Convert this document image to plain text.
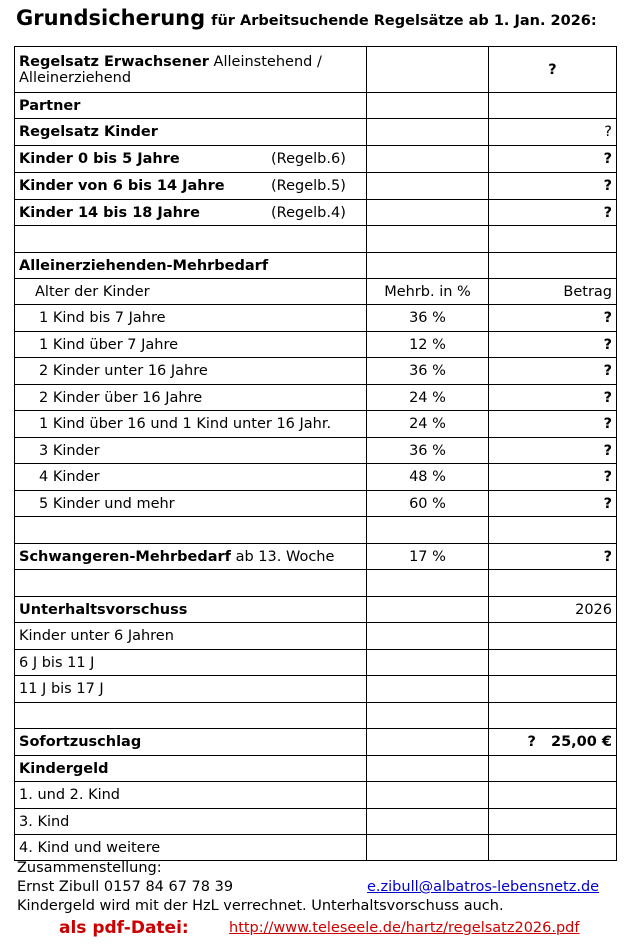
Grundsicherung für Arbeitsuchende Regelsätze ab 1. Jan. 2026:
Regelsatz Erwachsener Alleinstehend / Alleinerziehend		?
Partner		
Regelsatz Kinder		?
Kinder 0 bis 5 Jahre (Regelb.6)		?
Kinder von 6 bis 14 Jahre (Regelb.5)		?
Kinder 14 bis 18 Jahre (Regelb.4)		?

Alleinerziehenden-Mehrbedarf		
Alter der Kinder	Mehrb. in %	Betrag
1 Kind bis 7 Jahre	36 %	?
1 Kind über 7 Jahre	12 %	?
2 Kinder unter 16 Jahre	36 %	?
2 Kinder über 16 Jahre	24 %	?
1 Kind über 16 und 1 Kind unter 16 Jahr.	24 %	?
3 Kinder	36 %	?
4 Kinder	48 %	?
5 Kinder und mehr	60 %	?

Schwangeren-Mehrbedarf ab 13. Woche	17 %	?

Unterhaltsvorschuss		2026
Kinder unter 6 Jahren		
6 J bis 11 J		
11 J bis 17 J		

Sofortzuschlag		?   25,00 €
Kindergeld		
1. und 2. Kind		
3. Kind		
4. Kind und weitere		
Zusammenstellung:
Ernst Zibull 0157 84 67 78 39	e.zibull@albatros-lebensnetz.de
Kindergeld wird mit der HzL verrechnet. Unterhaltsvorschuss auch.
als pdf-Datei:	http://www.teleseele.de/hartz/regelsatz2026.pdf
